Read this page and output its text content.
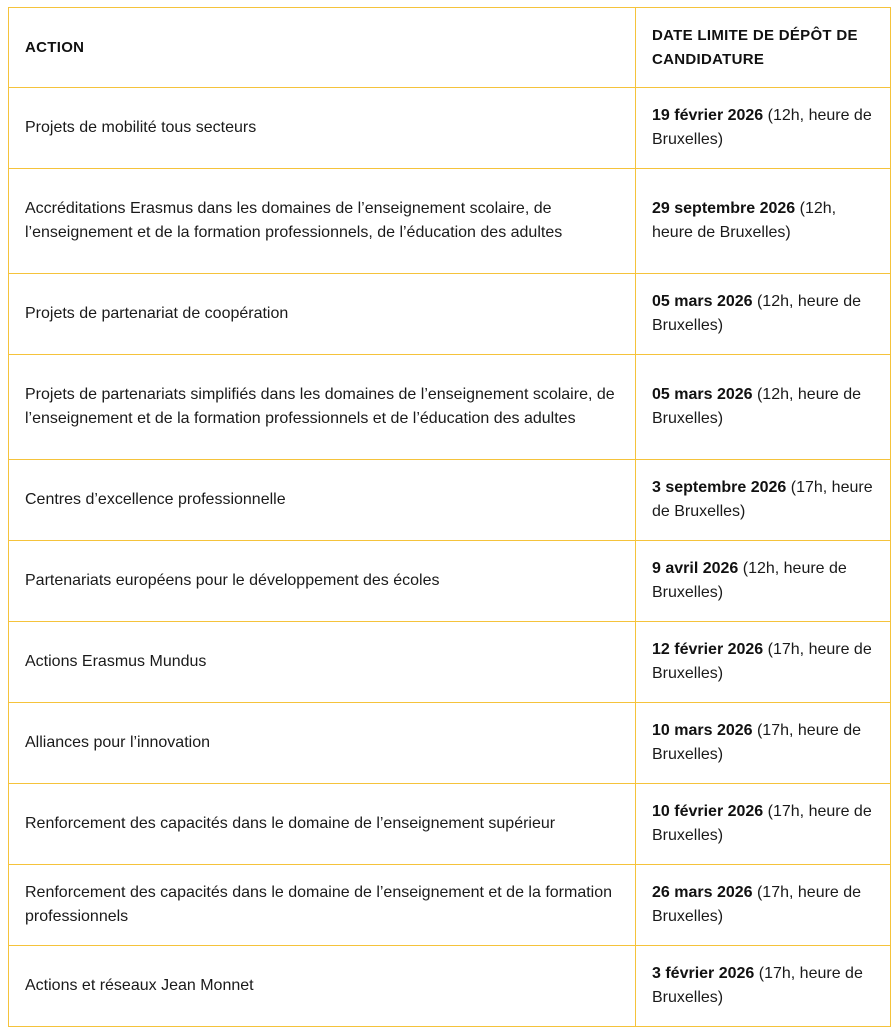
ACTION	DATE LIMITE DE DÉPÔT DE CANDIDATURE
Projets de mobilité tous secteurs	19 février 2026 (12h, heure de Bruxelles)
Accréditations Erasmus dans les domaines de l’enseignement scolaire, de l’enseignement et de la formation professionnels, de l’éducation des adultes	29 septembre 2026 (12h, heure de Bruxelles)
Projets de partenariat de coopération	05 mars 2026 (12h, heure de Bruxelles)
Projets de partenariats simplifiés dans les domaines de l’enseignement scolaire, de l’enseignement et de la formation professionnels et de l’éducation des adultes	05 mars 2026 (12h, heure de Bruxelles)
Centres d’excellence professionnelle	3 septembre 2026 (17h, heure de Bruxelles)
Partenariats européens pour le développement des écoles	9 avril 2026 (12h, heure de Bruxelles)
Actions Erasmus Mundus	12 février 2026 (17h, heure de Bruxelles)
Alliances pour l’innovation	10 mars 2026 (17h, heure de Bruxelles)
Renforcement des capacités dans le domaine de l’enseignement supérieur	10 février 2026 (17h, heure de Bruxelles)
Renforcement des capacités dans le domaine de l’enseignement et de la formation professionnels	26 mars 2026 (17h, heure de Bruxelles)
Actions et réseaux Jean Monnet	3 février 2026 (17h, heure de Bruxelles)
